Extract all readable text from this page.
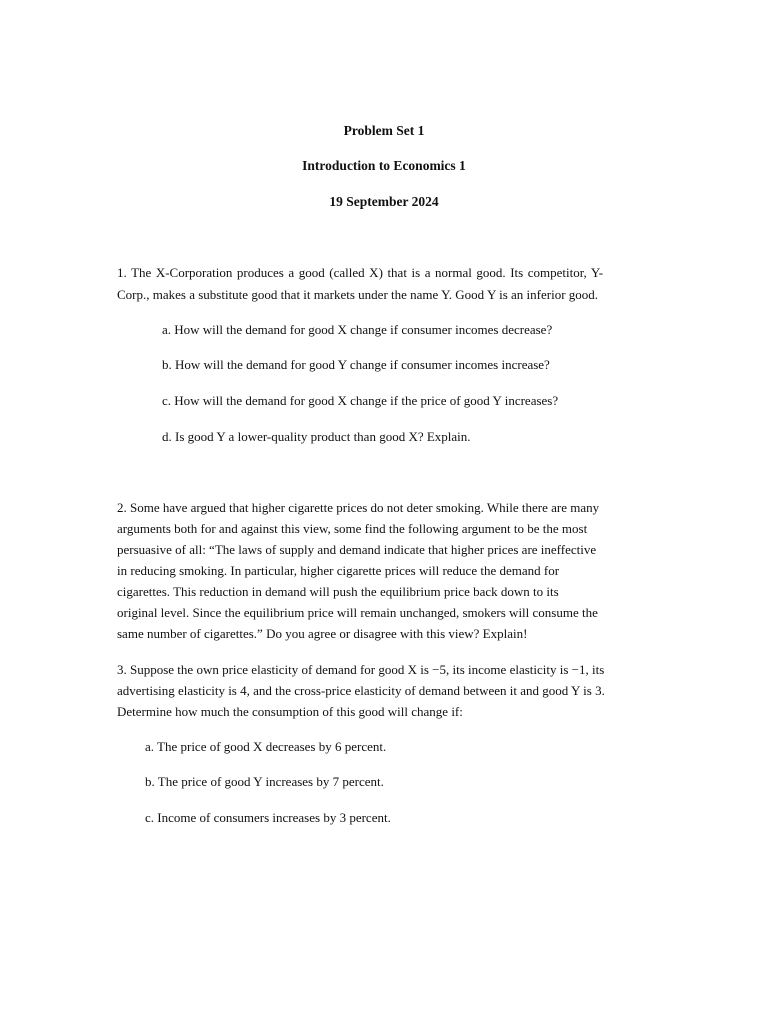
Problem Set 1
Introduction to Economics 1
19 September 2024
1. The X-Corporation produces a good (called X) that is a normal good. Its competitor, Y-
Corp., makes a substitute good that it markets under the name Y. Good Y is an inferior good.
a. How will the demand for good X change if consumer incomes decrease?
b. How will the demand for good Y change if consumer incomes increase?
c. How will the demand for good X change if the price of good Y increases?
d. Is good Y a lower-quality product than good X? Explain.
2. Some have argued that higher cigarette prices do not deter smoking. While there are many
arguments both for and against this view, some find the following argument to be the most
persuasive of all: “The laws of supply and demand indicate that higher prices are ineffective
in reducing smoking. In particular, higher cigarette prices will reduce the demand for
cigarettes. This reduction in demand will push the equilibrium price back down to its
original level. Since the equilibrium price will remain unchanged, smokers will consume the
same number of cigarettes.” Do you agree or disagree with this view? Explain!
3. Suppose the own price elasticity of demand for good X is −5, its income elasticity is −1, its
advertising elasticity is 4, and the cross-price elasticity of demand between it and good Y is 3.
Determine how much the consumption of this good will change if:
a. The price of good X decreases by 6 percent.
b. The price of good Y increases by 7 percent.
c. Income of consumers increases by 3 percent.
